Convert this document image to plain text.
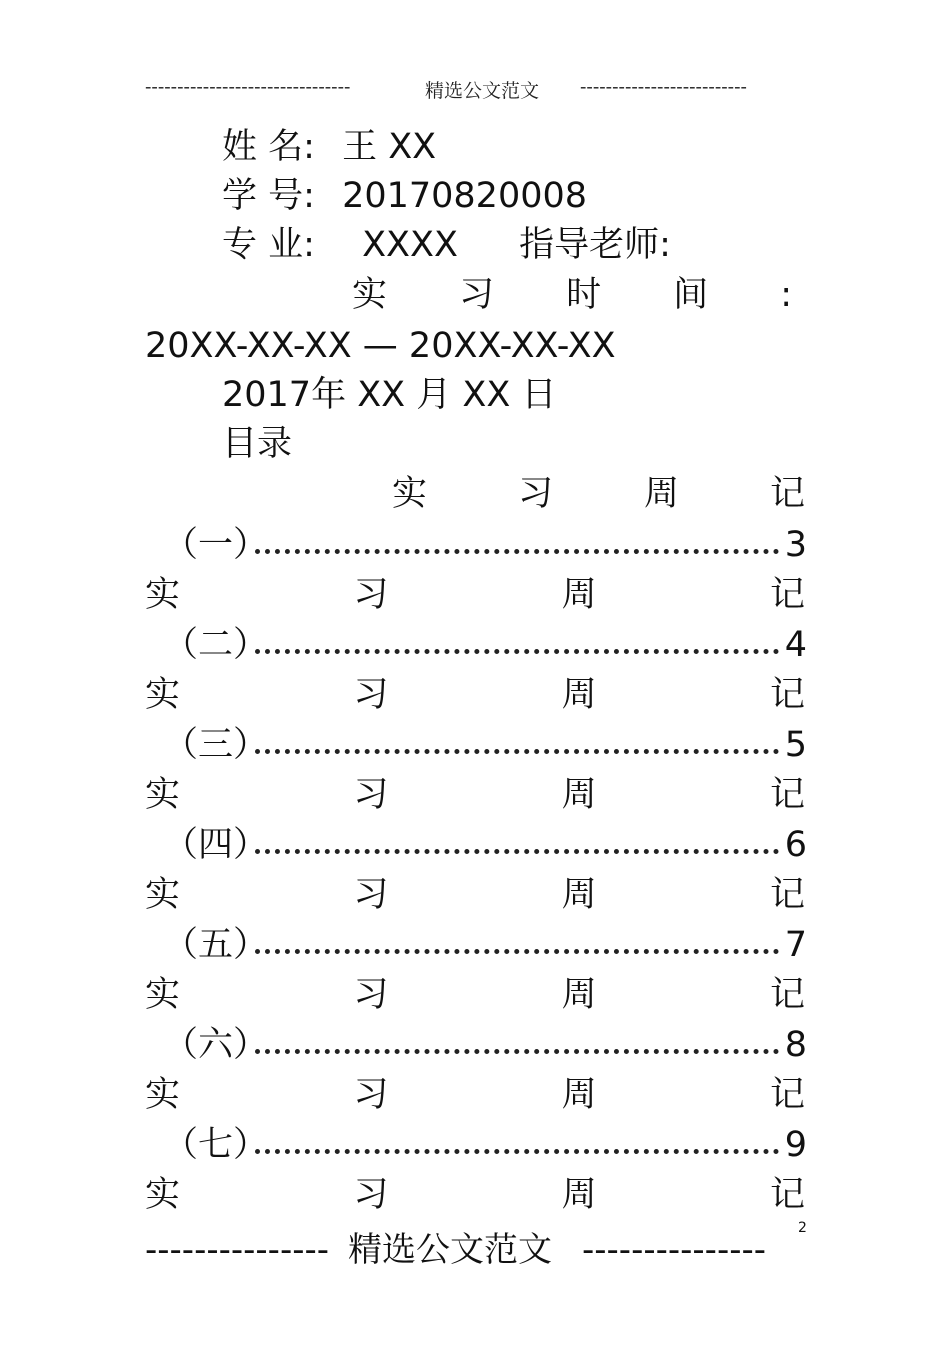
--------------------------------	精选公文范文 --------------------------
姓 名: 王 XX
学 号: 20170820008
专 业: XXXX 指导老师:
实 习 时 间 :
20XX-XX-XX — 20XX-XX-XX
2017年 XX 月 XX 日
目录
实	习	周	记
（一）	3
实	习	周	记
（二）	4
实	习	周	记
（三）	5
实	习	周	记
（四）	6
实	习	周	记
（五）	7
实	习	周	记
（六）	8
实	习	周	记
（七）	9
实	习	周	记
2
--------------- 精选公文范文 ---------------
